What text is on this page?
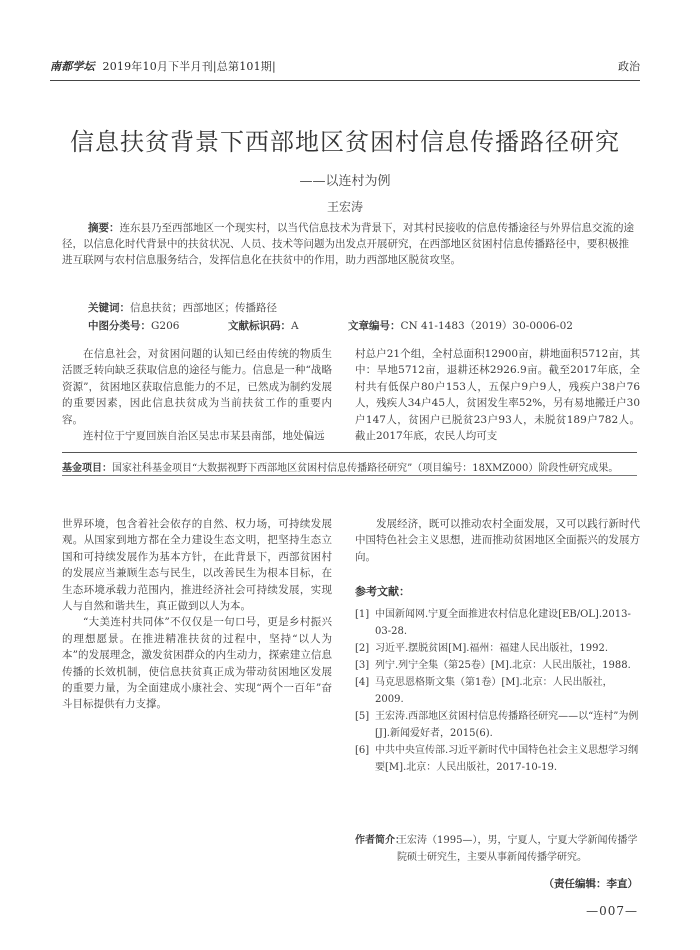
南都学坛 2019年10月下半月刊|总第101期|	政治
信息扶贫背景下西部地区贫困村信息传播路径研究
——以连村为例
王宏涛
摘要：连东县乃至西部地区一个现实村，以当代信息技术为背景下，对其村民接收的信息传播途径与外界信息交流的途径，以信息化时代背景中的扶贫状况、人员、技术等问题为出发点开展研究，在西部地区贫困村信息传播路径中，要积极推进互联网与农村信息服务结合，发挥信息化在扶贫中的作用，助力西部地区脱贫攻坚。
关键词：信息扶贫；西部地区；传播路径
中图分类号：G206	文献标识码：A	文章编号：CN 41-1483（2019）30-0006-02

在信息社会，对贫困问题的认知已经由传统的物质生活匮乏转向缺乏获取信息的途径与能力。信息是一种“战略资源”，贫困地区获取信息能力的不足，已然成为制约发展的重要因素，因此信息扶贫成为当前扶贫工作的重要内容。

连村位于宁夏回族自治区吴忠市某县南部，地处偏远

村总户21个组，全村总面积12900亩，耕地面积5712亩，其中：旱地5712亩，退耕还林2926.9亩。截至2017年底，全村共有低保户80户153人，五保户9户9人，残疾户38户76人，残疾人34户45人，贫困发生率52%，另有易地搬迁户30户147人，贫困户已脱贫23户93人，未脱贫189户782人。截止2017年底，农民人均可支

基金项目：国家社科基金项目“大数据视野下西部地区贫困村信息传播路径研究”（项目编号：18XMZ000）阶段性研究成果。

世界环境，包含着社会依存的自然、权力场，可持续发展观。从国家到地方都在全力建设生态文明，把坚持生态立国和可持续发展作为基本方针，在此背景下，西部贫困村的发展应当兼顾生态与民生，以改善民生为根本目标，在生态环境承载力范围内，推进经济社会可持续发展，实现人与自然和谐共生，真正做到以人为本。

“大美连村共同体”不仅仅是一句口号，更是乡村振兴的理想愿景。在推进精准扶贫的过程中，坚持“以人为本”的发展理念，激发贫困群众的内生动力，探索建立信息传播的长效机制，使信息扶贫真正成为带动贫困地区发展的重要力量，为全面建成小康社会、实现“两个一百年”奋斗目标提供有力支撑。

发展经济，既可以推动农村全面发展，又可以践行新时代中国特色社会主义思想，进而推动贫困地区全面振兴的发展方向。

参考文献：
[1] 中国新闻网.宁夏全面推进农村信息化建设[EB/OL].2013-03-28.
[2] 习近平.摆脱贫困[M].福州：福建人民出版社，1992.
[3] 列宁.列宁全集（第25卷）[M].北京：人民出版社，1988.
[4] 马克思恩格斯文集（第1卷）[M].北京：人民出版社，2009.
[5] 王宏涛.西部地区贫困村信息传播路径研究——以“连村”为例[J].新闻爱好者，2015(6).
[6] 中共中央宣传部.习近平新时代中国特色社会主义思想学习纲要[M].北京：人民出版社，2017-10-19.
作者简介：
王宏涛（1995—），男，宁夏人，宁夏大学新闻传播学院硕士研究生，主要从事新闻传播学研究。
（责任编辑：李直）
—007—
